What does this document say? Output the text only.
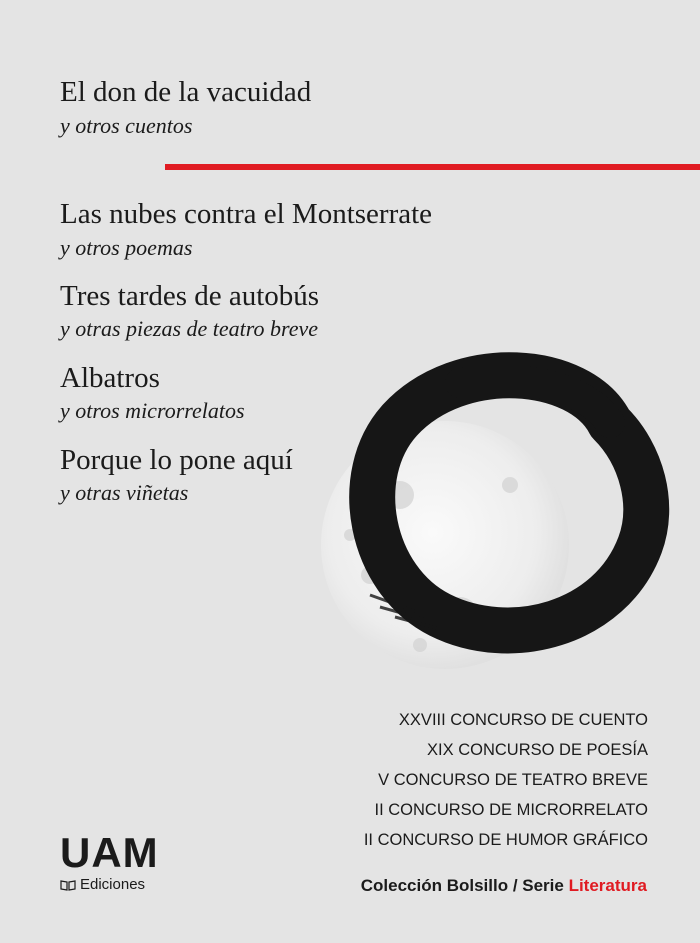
El don de la vacuidad
y otros cuentos
Las nubes contra el Montserrate
y otros poemas
Tres tardes de autobús
y otras piezas de teatro breve
Albatros
y otros microrrelatos
Porque lo pone aquí
y otras viñetas
XXVIII CONCURSO DE CUENTO
XIX CONCURSO DE POESÍA
V CONCURSO DE TEATRO BREVE
II CONCURSO DE MICRORRELATO
II CONCURSO DE HUMOR GRÁFICO
Colección Bolsillo / Serie Literatura
UAM
Ediciones
